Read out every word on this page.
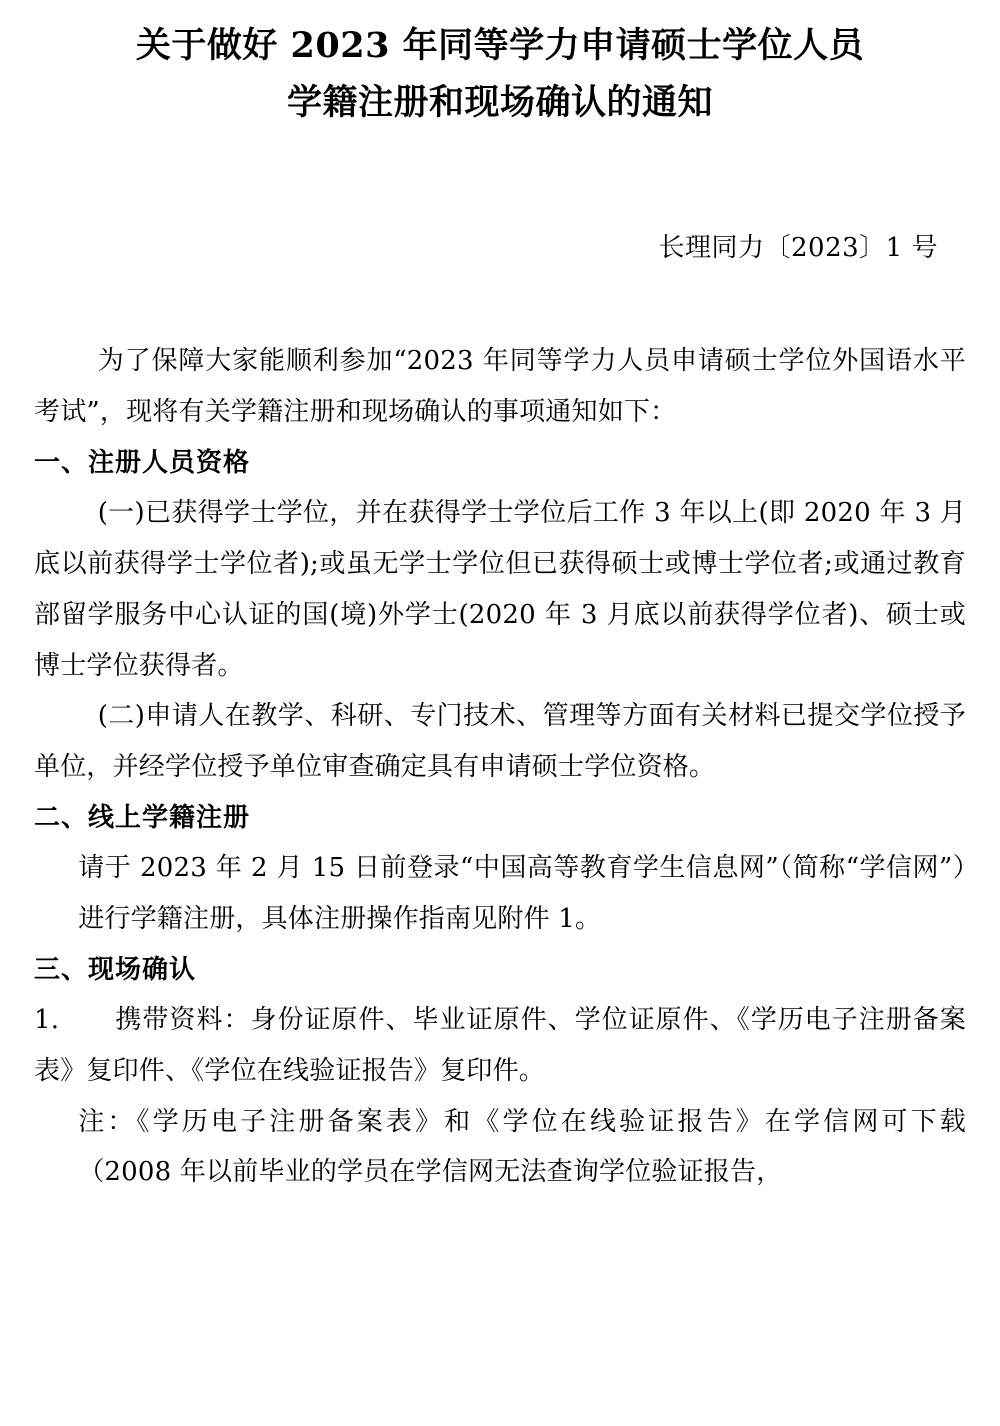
关于做好 2023 年同等学力申请硕士学位人员
学籍注册和现场确认的通知
长理同力〔2023〕1 号

为了保障大家能顺利参加“2023 年同等学力人员申请硕士学位外国语水平考试”，现将有关学籍注册和现场确认的事项通知如下：

一、注册人员资格

(一)已获得学士学位，并在获得学士学位后工作 3 年以上(即 2020 年 3 月底以前获得学士学位者);或虽无学士学位但已获得硕士或博士学位者;或通过教育部留学服务中心认证的国(境)外学士(2020 年 3 月底以前获得学位者)、硕士或博士学位获得者。

(二)申请人在教学、科研、专门技术、管理等方面有关材料已提交学位授予单位，并经学位授予单位审查确定具有申请硕士学位资格。

二、线上学籍注册

请于 2023 年 2 月 15 日前登录“中国高等教育学生信息网”（简称“学信网”）进行学籍注册，具体注册操作指南见附件 1。

三、现场确认

1. 携带资料：身份证原件、毕业证原件、学位证原件、《学历电子注册备案表》复印件、《学位在线验证报告》复印件。

注：《学历电子注册备案表》和《学位在线验证报告》在学信网可下载（2008 年以前毕业的学员在学信网无法查询学位验证报告，
